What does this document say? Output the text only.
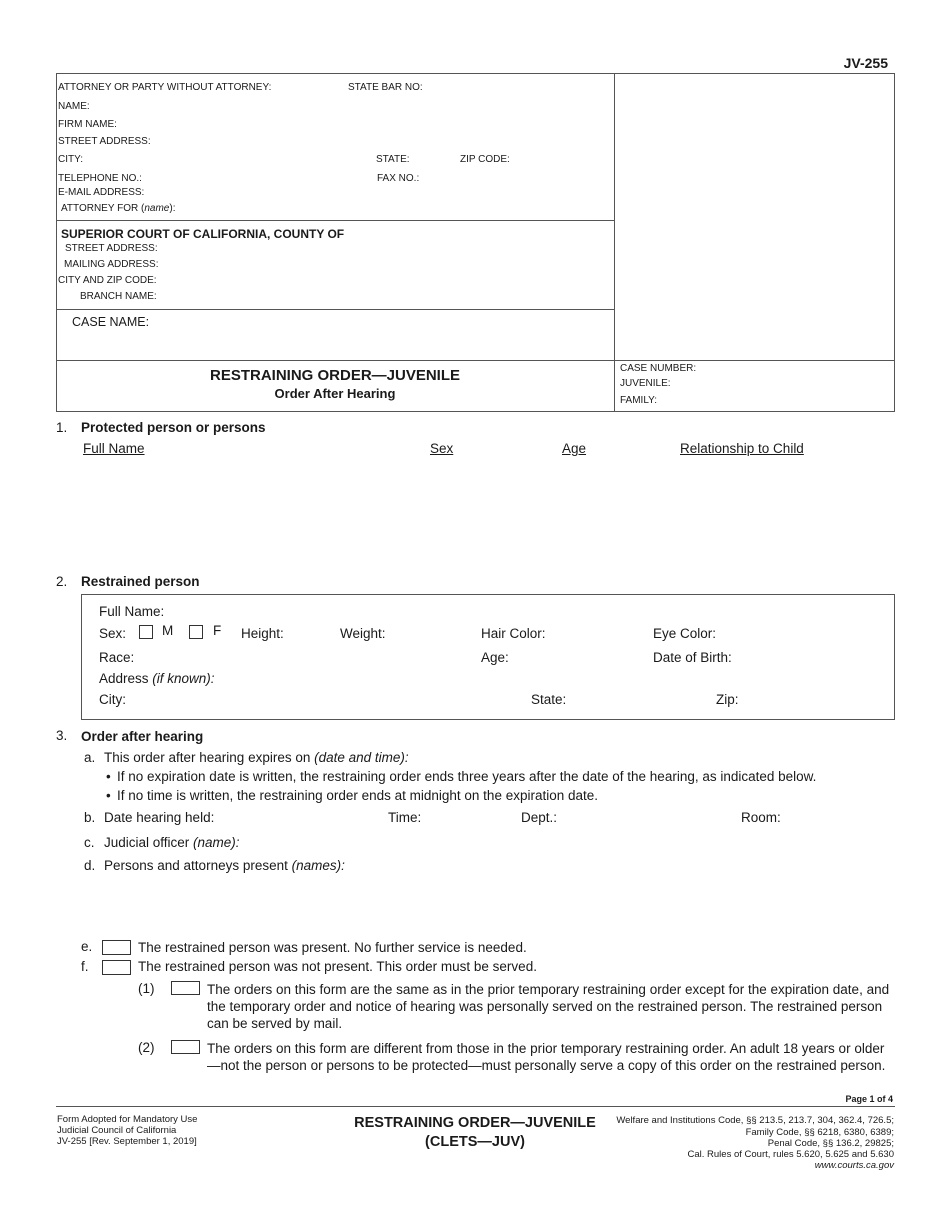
JV-255
ATTORNEY OR PARTY WITHOUT ATTORNEY:	STATE BAR NO:
NAME:
FIRM NAME:
STREET ADDRESS:
CITY:	STATE:	ZIP CODE:
TELEPHONE NO.:	FAX NO.:
E-MAIL ADDRESS:
ATTORNEY FOR (name):
SUPERIOR COURT OF CALIFORNIA, COUNTY OF
STREET ADDRESS:
MAILING ADDRESS:
CITY AND ZIP CODE:
BRANCH NAME:
CASE NAME:
RESTRAINING ORDER—JUVENILE
Order After Hearing
CASE NUMBER:
JUVENILE:
FAMILY:
1. Protected person or persons
Full Name	Sex	Age	Relationship to Child
2. Restrained person
Full Name:
Sex:	M	F Height:	Weight:	Hair Color:	Eye Color:
Race:	Age:	Date of Birth:
Address (if known):
City:	State:	Zip:
3. Order after hearing
a. This order after hearing expires on (date and time):
• If no expiration date is written, the restraining order ends three years after the date of the hearing, as indicated below.
• If no time is written, the restraining order ends at midnight on the expiration date.
b. Date hearing held:	Time:	Dept.:	Room:
c. Judicial officer (name):
d. Persons and attorneys present (names):
e.	The restrained person was present. No further service is needed.
f.	The restrained person was not present. This order must be served.
(1)	The orders on this form are the same as in the prior temporary restraining order except for the expiration date, and the temporary order and notice of hearing was personally served on the restrained person. The restrained person can be served by mail.
(2)	The orders on this form are different from those in the prior temporary restraining order. An adult 18 years or older—not the person or persons to be protected—must personally serve a copy of this order on the restrained person.
Page 1 of 4
Form Adopted for Mandatory Use
Judicial Council of California
JV-255 [Rev. September 1, 2019]
RESTRAINING ORDER—JUVENILE
(CLETS—JUV)
Welfare and Institutions Code, §§ 213.5, 213.7, 304, 362.4, 726.5;
Family Code, §§ 6218, 6380, 6389;
Penal Code, §§ 136.2, 29825;
Cal. Rules of Court, rules 5.620, 5.625 and 5.630
www.courts.ca.gov
